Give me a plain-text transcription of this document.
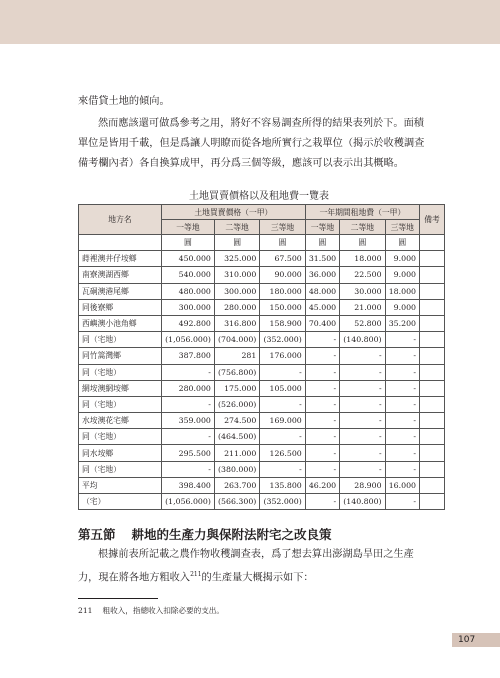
來借貸土地的傾向。

然而應該還可做爲參考之用，將好不容易調查所得的結果表列於下。面積
單位是皆用千載，但是爲讓人明瞭而從各地所實行之栽單位（揭示於收穫調查
備考欄內者）各自換算成甲，再分爲三個等級，應該可以表示出其概略。

土地買賣價格以及租地費一覽表
地方名	土地買賣價格（一甲）			一年期間租地費（一甲）			備考
	一等地	二等地	三等地	一等地	二等地	三等地	
	圓	圓	圓	圓	圓	圓	
蒔裡澳井仔垵鄉	450.000	325.000	67.500	31.500	18.000	9.000	
南寮澳湖西鄉	540.000	310.000	90.000	36.000	22.500	9.000	
瓦硐澳港尾鄉	480.000	300.000	180.000	48.000	30.000	18.000	
同後寮鄉	300.000	280.000	150.000	45.000	21.000	9.000	
西嶼澳小池角鄉	492.800	316.800	158.900	70.400	52.800	35.200	
同（宅地）	(1,056.000)	(704.000)	(352.000)	-	(140.800)	-	
同竹篙灣鄉	387.800	281	176.000	-	-	-	
同（宅地）	-	(756.800)	-	-	-	-	
網垵澳網垵鄉	280.000	175.000	105.000	-	-	-	
同（宅地）	-	(526.000)	-	-	-	-	
水垵澳花宅鄉	359.000	274.500	169.000	-	-	-	
同（宅地）	-	(464.500)	-	-	-	-	
同水垵鄉	295.500	211.000	126.500	-	-	-	
同（宅地）	-	(380.000)	-	-	-	-	
平均	398.400	263.700	135.800	46.200	28.900	16.000	
（宅）	(1,056.000)	(566.300)	(352.000)	-	(140.800)	-	
第五節 耕地的生產力與保附法附宅之改良策

根據前表所記載之農作物收穫調查表，爲了想去算出澎湖島旱田之生產
力，現在將各地方粗收入$^{211}$的生產量大概揭示如下：

211 粗收入，指總收入扣除必要的支出。
107
